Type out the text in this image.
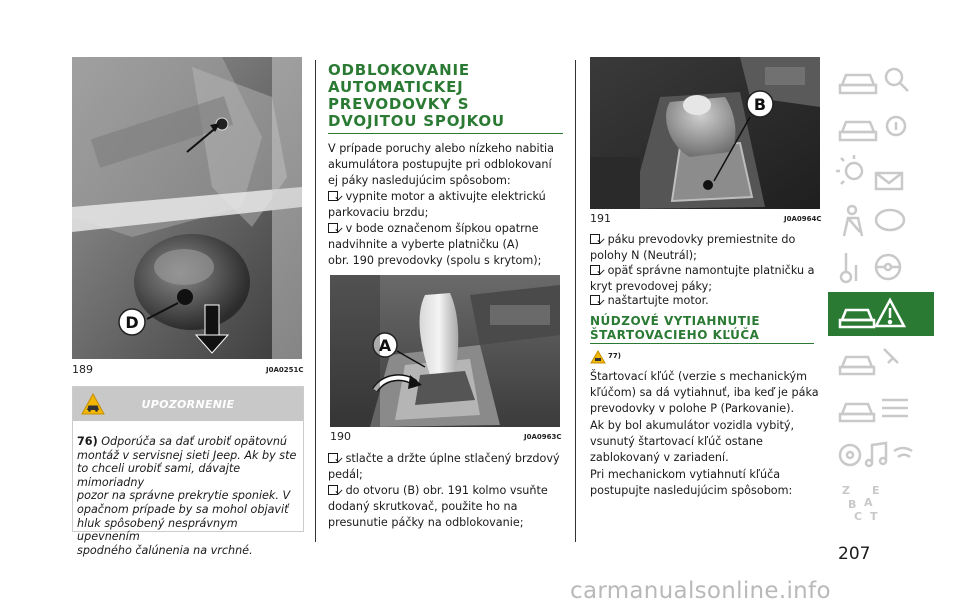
D
189	J0A0251C
UPOZORNENIE
76) Odporúča sa dať urobiť opätovnú
montáž v servisnej sieti Jeep. Ak by ste
to chceli urobiť sami, dávajte mimoriadny
pozor na správne prekrytie sponiek. V
opačnom prípade by sa mohol objaviť
hluk spôsobený nesprávnym upevnením
spodného čalúnenia na vrchné.
ODBLOKOVANIE
AUTOMATICKEJ
PREVODOVKY S
DVOJITOU SPOJKOU
V prípade poruchy alebo nízkeho nabitia
akumulátora postupujte pri odblokovaní
ej páky nasledujúcim spôsobom:
vypnite motor a aktivujte elektrickú
parkovaciu brzdu;
v bode označenom šípkou opatrne
nadvihnite a vyberte platničku (A)
obr. 190 prevodovky (spolu s krytom);
A
190	J0A0963C
stlačte a držte úplne stlačený brzdový
pedál;
do otvoru (B) obr. 191 kolmo vsuňte
dodaný skrutkovač, použite ho na
presunutie páčky na odblokovanie;
B
191	J0A0964C
páku prevodovky premiestnite do
polohy N (Neutrál);
opäť správne namontujte platničku a
kryt prevodovej páky;
naštartujte motor.
NÚDZOVÉ VYTIAHNUTIE
ŠTARTOVACIEHO KĽÚČA
77)
Štartovací kľúč (verzie s mechanickým
kľúčom) sa dá vytiahnuť, iba keď je páka
prevodovky v polohe P (Parkovanie).
Ak by bol akumulátor vozidla vybitý,
vsunutý štartovací kľúč ostane
zablokovaný v zariadení.
Pri mechanickom vytiahnutí kľúča
postupujte nasledujúcim spôsobom:	Z E
B A
C T
207
carmanualsonline.info
